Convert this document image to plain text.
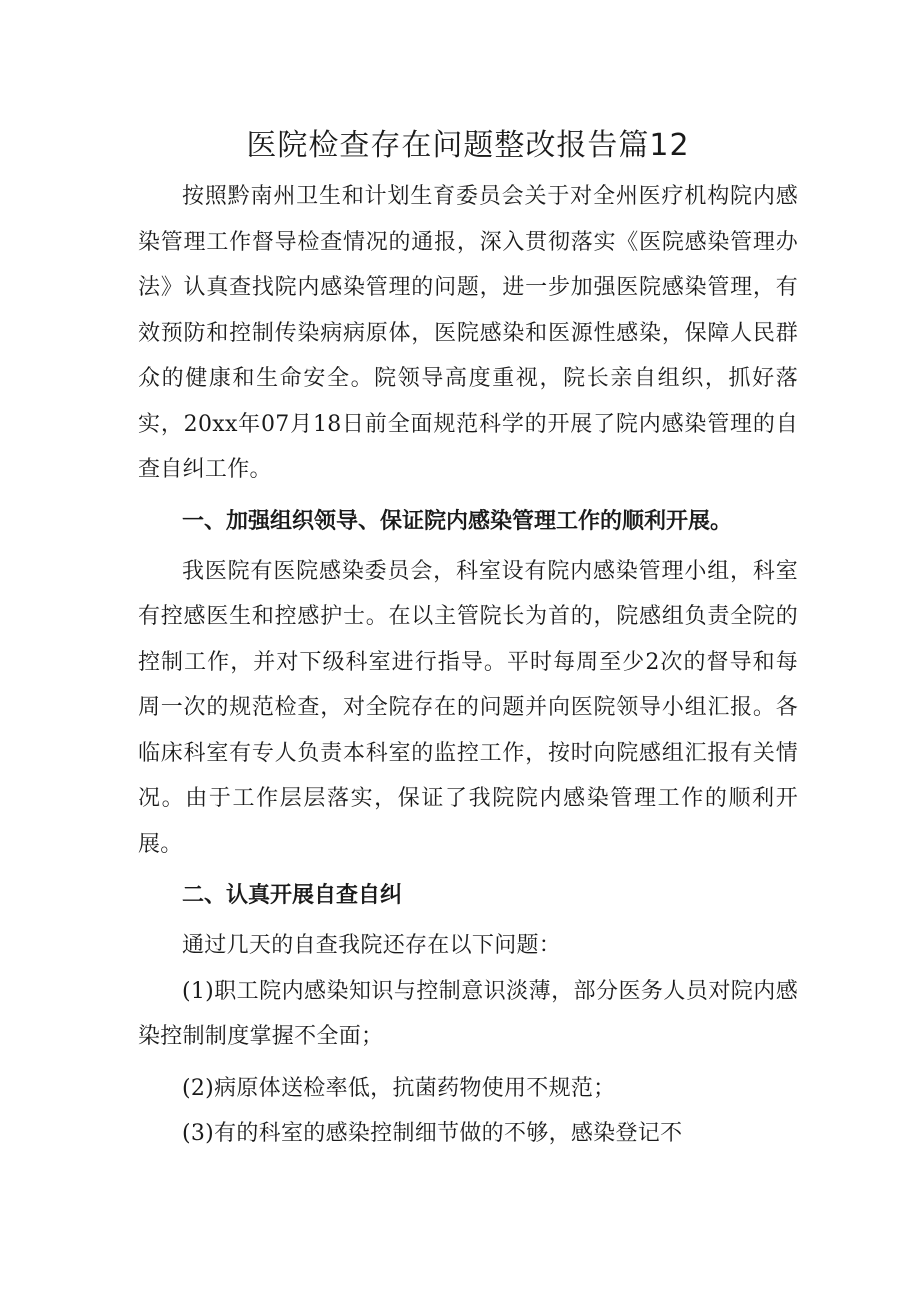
医院检查存在问题整改报告篇12

按照黔南州卫生和计划生育委员会关于对全州医疗机构院内感染管理工作督导检查情况的通报，深入贯彻落实《医院感染管理办法》认真查找院内感染管理的问题，进一步加强医院感染管理，有效预防和控制传染病病原体，医院感染和医源性感染，保障人民群众的健康和生命安全。院领导高度重视，院长亲自组织，抓好落实，20xx年07月18日前全面规范科学的开展了院内感染管理的自查自纠工作。

一、加强组织领导、保证院内感染管理工作的顺利开展。

我医院有医院感染委员会，科室设有院内感染管理小组，科室有控感医生和控感护士。在以主管院长为首的，院感组负责全院的控制工作，并对下级科室进行指导。平时每周至少2次的督导和每周一次的规范检查，对全院存在的问题并向医院领导小组汇报。各临床科室有专人负责本科室的监控工作，按时向院感组汇报有关情况。由于工作层层落实，保证了我院院内感染管理工作的顺利开展。

二、认真开展自查自纠

通过几天的自查我院还存在以下问题：

(1)职工院内感染知识与控制意识淡薄，部分医务人员对院内感染控制制度掌握不全面；

(2)病原体送检率低，抗菌药物使用不规范；

(3)有的科室的感染控制细节做的不够，感染登记不
